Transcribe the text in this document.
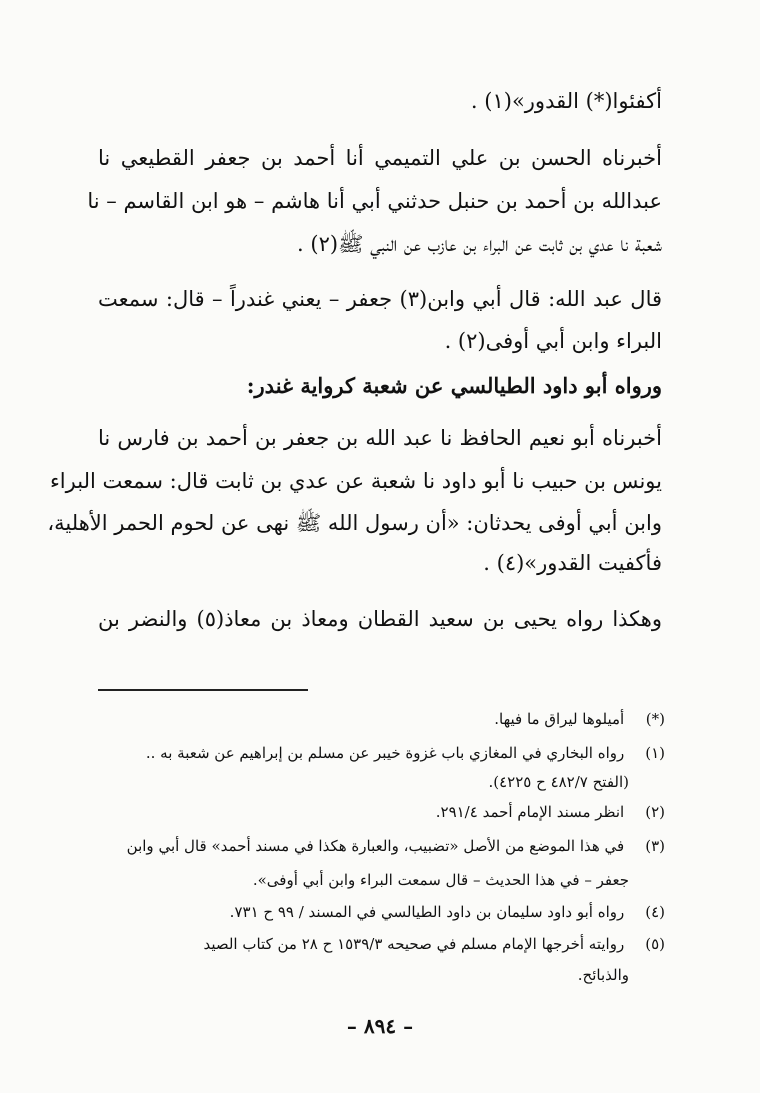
أكفئوا(*) القدور»(١) .
أخبرناه الحسن بن علي التميمي أنا أحمد بن جعفر القطيعي نا
عبدالله بن أحمد بن حنبل حدثني أبي أنا هاشم – هو ابن القاسم – نا
شعبة نا عدي بن ثابت عن البراء بن عازب عن النبي ﷺ(٢) .
قال عبد الله: قال أبي وابن(٣) جعفر – يعني غندراً – قال: سمعت
البراء وابن أبي أوفى(٢) .
ورواه أبو داود الطيالسي عن شعبة كرواية غندر:
أخبرناه أبو نعيم الحافظ نا عبد الله بن جعفر بن أحمد بن فارس نا
يونس بن حبيب نا أبو داود نا شعبة عن عدي بن ثابت قال: سمعت البراء
وابن أبي أوفى يحدثان: «أن رسول الله ﷺ نهى عن لحوم الحمر الأهلية،
فأكفيت القدور»(٤) .
وهكذا رواه يحيى بن سعيد القطان ومعاذ بن معاذ(٥) والنضر بن
(*) أميلوها ليراق ما فيها.
(١) رواه البخاري في المغازي باب غزوة خيبر عن مسلم بن إبراهيم عن شعبة به ..
(الفتح ٤٨٢/٧ ح ٤٢٢٥).
(٢) انظر مسند الإمام أحمد ٢٩١/٤.
(٣) في هذا الموضع من الأصل «تضبيب، والعبارة هكذا في مسند أحمد» قال أبي وابن
جعفر – في هذا الحديث – قال سمعت البراء وابن أبي أوفى».
(٤) رواه أبو داود سليمان بن داود الطيالسي في المسند / ٩٩ ح ٧٣١.
(٥) روايته أخرجها الإمام مسلم في صحيحه ١٥٣٩/٣ ح ٢٨ من كتاب الصيد
والذبائح.
– ٨٩٤ –
